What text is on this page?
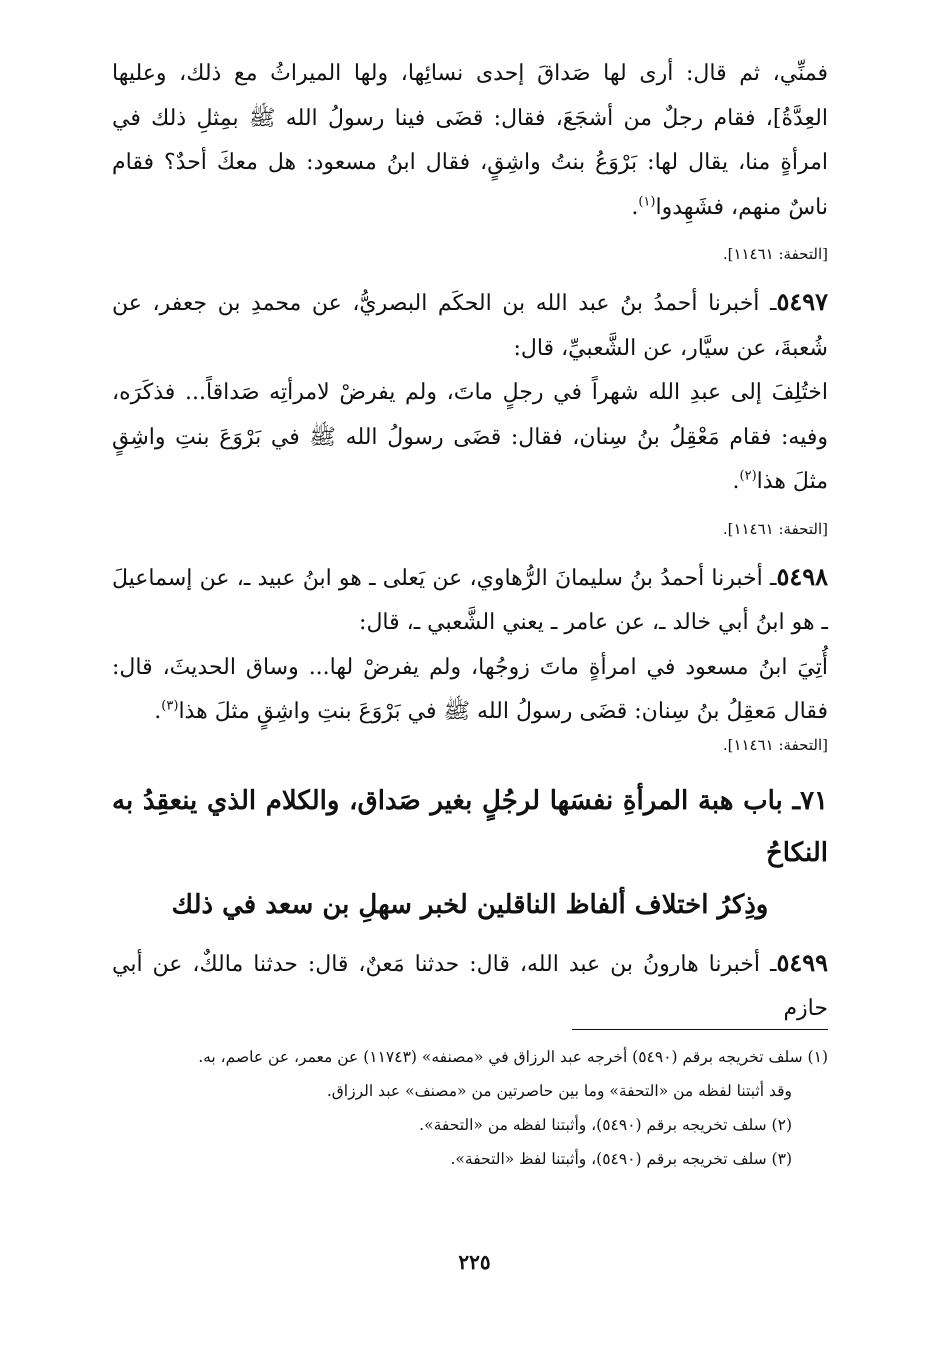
فمنِّي، ثم قال: أرى لها صَداقَ إحدى نسائِها، ولها الميراثُ مع ذلك، وعليها العِدَّةُ]، فقام رجلٌ من أشجَعَ، فقال: قضَى فينا رسولُ الله ﷺ بمِثلِ ذلك في امرأةٍ منا، يقال لها: بَرْوَعُ بنتُ واشِقٍ، فقال ابنُ مسعود: هل معكَ أحدٌ؟ فقام ناسٌ منهم، فشَهِدوا$^{(١)}$.

[التحفة: ١١٤٦١].

٥٤٩٧ـ أخبرنا أحمدُ بنُ عبد الله بن الحكَم البصريُّ، عن محمدِ بن جعفر، عن شُعبةَ، عن سيَّار، عن الشَّعبيِّ، قال:

اختُلِفَ إلى عبدِ الله شهراً في رجلٍ ماتَ، ولم يفرضْ لامرأتِه صَداقاً... فذكَرَه، وفيه: فقام مَعْقِلُ بنُ سِنان، فقال: قضَى رسولُ الله ﷺ في بَرْوَعَ بنتِ واشِقٍ مثلَ هذا$^{(٢)}$.

[التحفة: ١١٤٦١].

٥٤٩٨ـ أخبرنا أحمدُ بنُ سليمانَ الرُّهاوي، عن يَعلى ـ هو ابنُ عبيد ـ، عن إسماعيلَ ـ هو ابنُ أبي خالد ـ، عن عامر ـ يعني الشَّعبي ـ، قال:

أُتِيَ ابنُ مسعود في امرأةٍ ماتَ زوجُها، ولم يفرضْ لها... وساق الحديثَ، قال: فقال مَعقِلُ بنُ سِنان: قضَى رسولُ الله ﷺ في بَرْوَعَ بنتِ واشِقٍ مثلَ هذا$^{(٣)}$.

[التحفة: ١١٤٦١].

٧١ـ باب هبة المرأةِ نفسَها لرجُلٍ بغير صَداق، والكلام الذي ينعقِدُ به النكاحُ
وذِكرُ اختلاف ألفاظ الناقلين لخبر سهلِ بن سعد في ذلك

٥٤٩٩ـ أخبرنا هارونُ بن عبد الله، قال: حدثنا مَعنٌ، قال: حدثنا مالكٌ، عن أبي حازم

(١) سلف تخريجه برقم (٥٤٩٠) أخرجه عبد الرزاق في «مصنفه» (١١٧٤٣) عن معمر، عن عاصم، به.

وقد أثبتنا لفظه من «التحفة» وما بين حاصرتين من «مصنف» عبد الرزاق.

(٢) سلف تخريجه برقم (٥٤٩٠)، وأثبتنا لفظه من «التحفة».

(٣) سلف تخريجه برقم (٥٤٩٠)، وأثبتنا لفظ «التحفة».

٢٢٥
